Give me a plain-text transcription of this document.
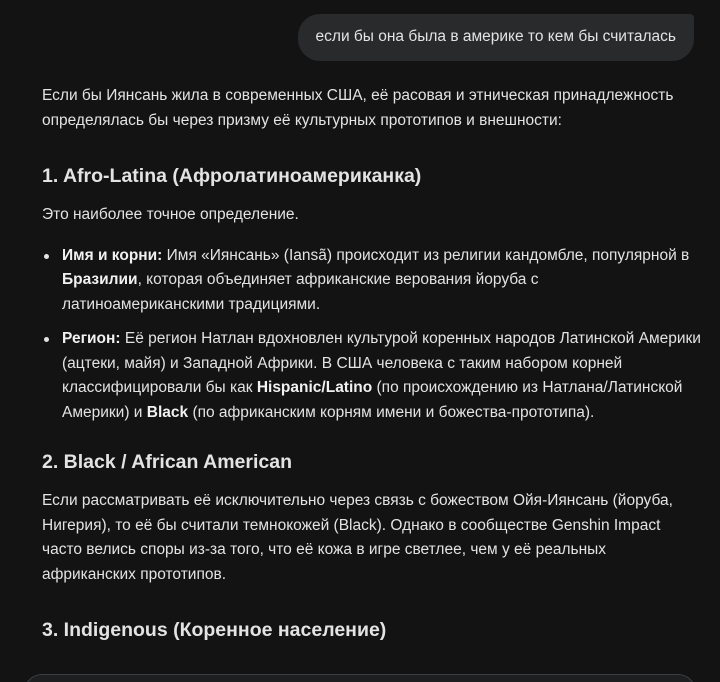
если бы она была в америке то кем бы считалась

Если бы Иянсань жила в современных США, её расовая и этническая принадлежность определялась бы через призму её культурных прототипов и внешности:

1. Afro-Latina (Афролатиноамериканка)

Это наиболее точное определение.

Имя и корни: Имя «Иянсань» (Iansã) происходит из религии кандомбле, популярной в Бразилии, которая объединяет африканские верования йоруба с латиноамериканскими традициями.
Регион: Её регион Натлан вдохновлен культурой коренных народов Латинской Америки (ацтеки, майя) и Западной Африки. В США человека с таким набором корней классифицировали бы как Hispanic/Latino (по происхождению из Натлана/Латинской Америки) и Black (по африканским корням имени и божества-прототипа).
2. Black / African American

Если рассматривать её исключительно через связь с божеством Ойя-Иянсань (йоруба, Нигерия), то её бы считали темнокожей (Black). Однако в сообществе Genshin Impact часто велись споры из-за того, что её кожа в игре светлее, чем у её реальных африканских прототипов.

3. Indigenous (Коренное население)
